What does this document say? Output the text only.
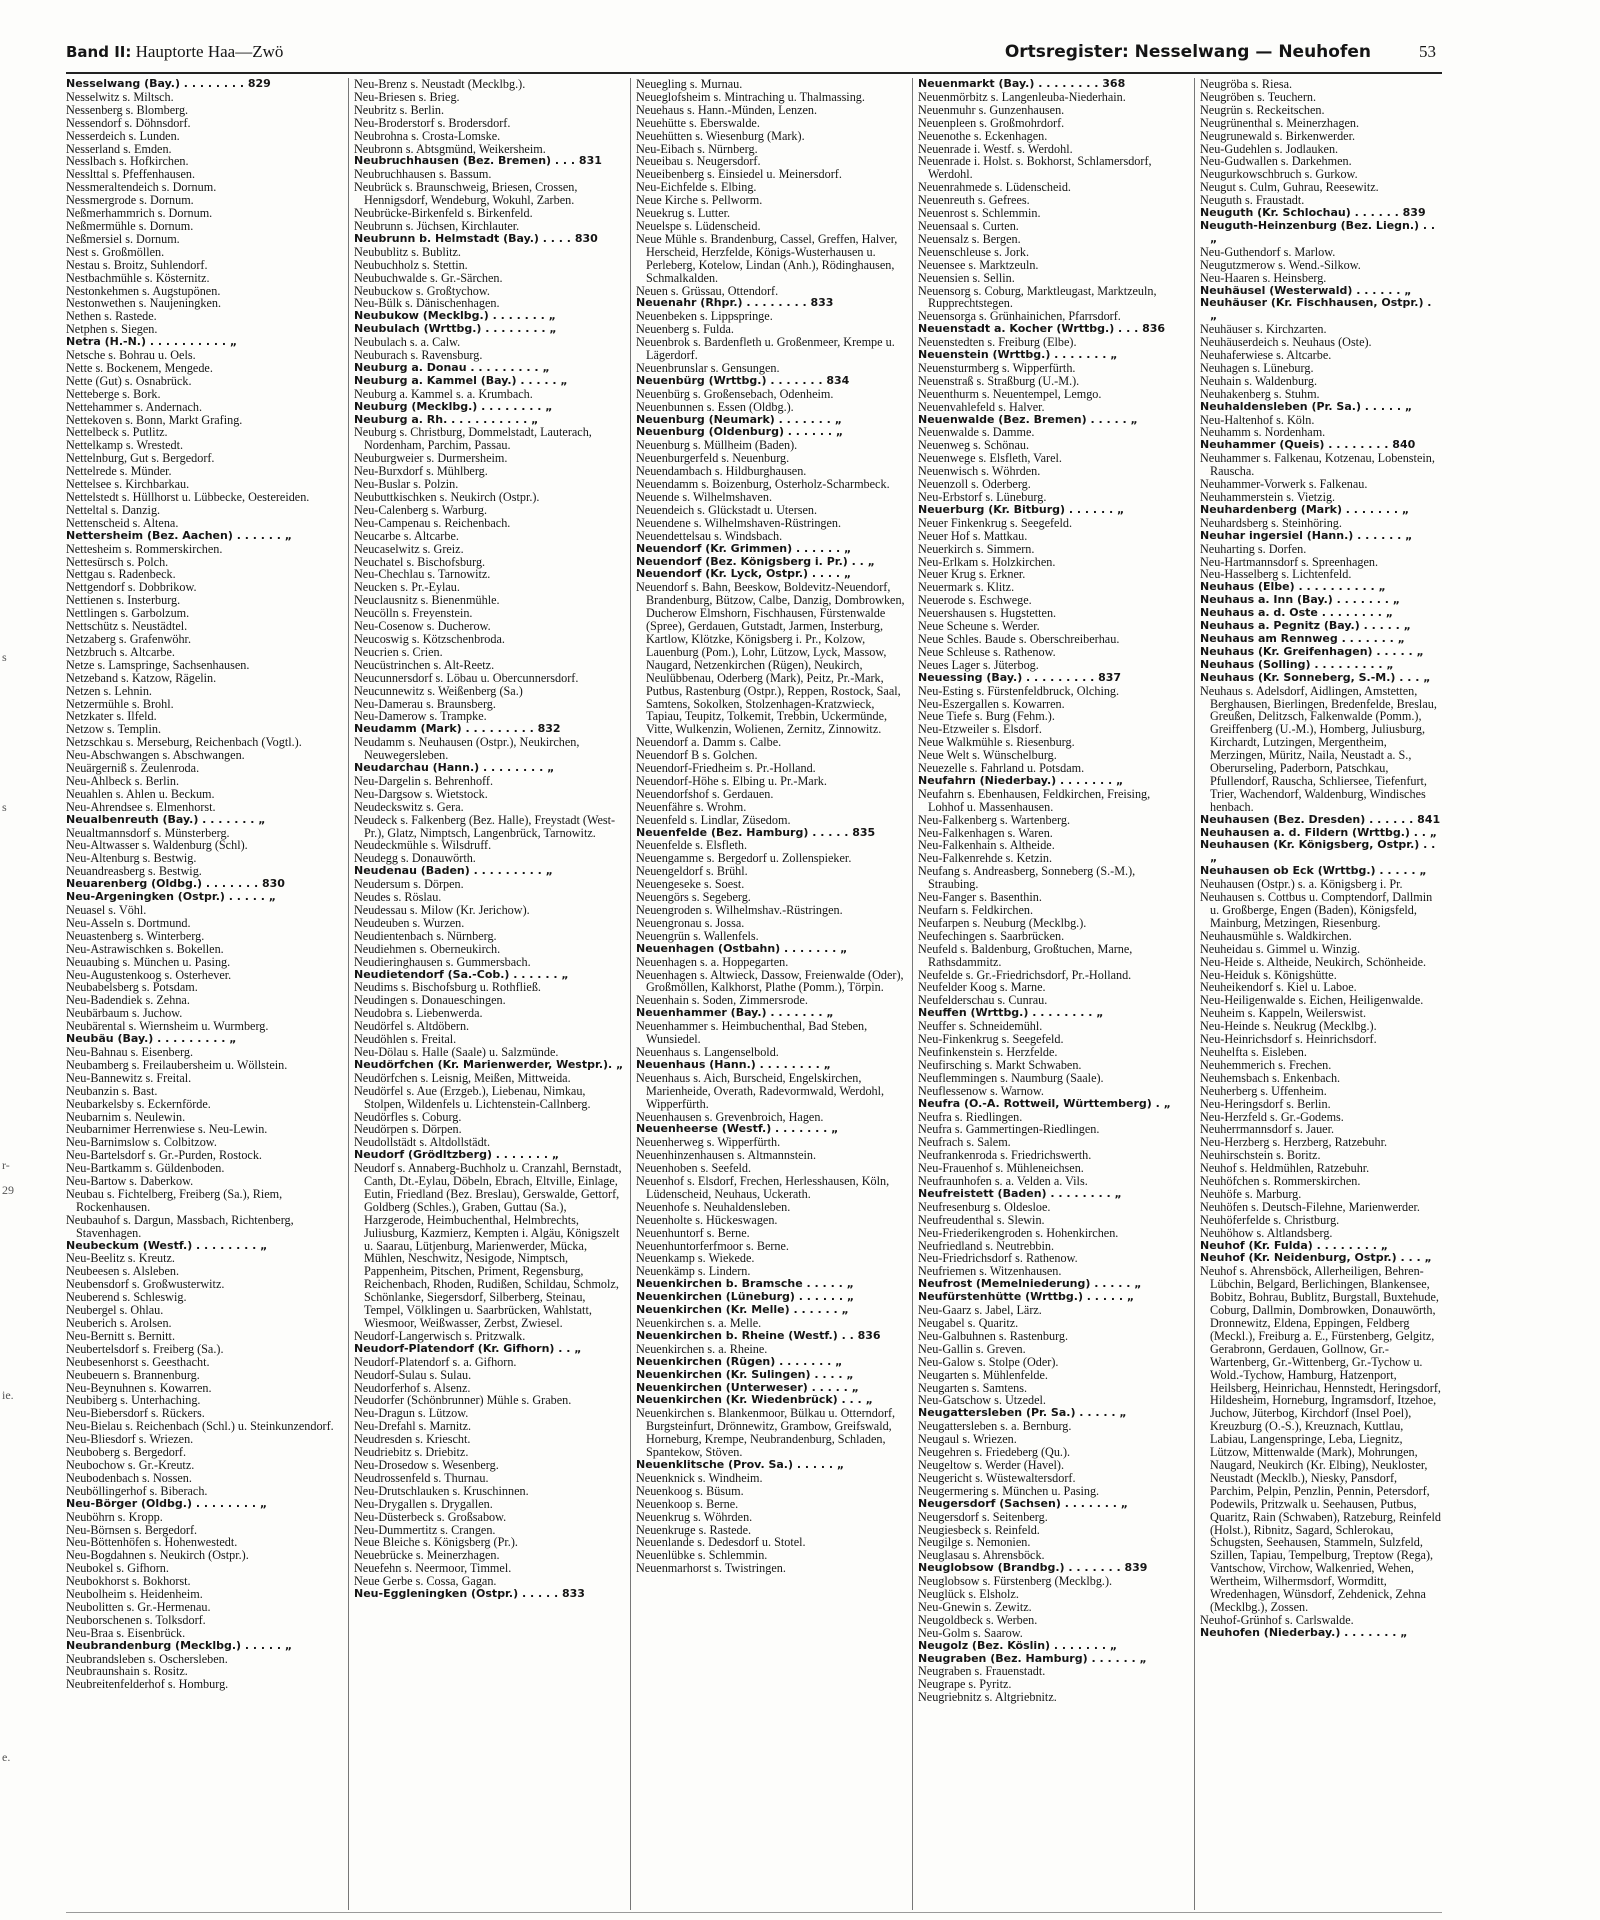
s
s
r-
29
ie.
e.
Band II: Hauptorte Haa—Zwö	Ortsregister: Nesselwang — Neuhofen	53
Nesselwang (Bay.) . . . . . . . . 829
Nesselwitz s. Miltsch.
Nessenberg s. Blomberg.
Nessendorf s. Döhnsdorf.
Nesserdeich s. Lunden.
Nesserland s. Emden.
Nesslbach s. Hofkirchen.
Nesslttal s. Pfeffenhausen.
Nessmeraltendeich s. Dornum.
Nessmergrode s. Dornum.
Neßmerhammrich s. Dornum.
Neßmermühle s. Dornum.
Neßmersiel s. Dornum.
Nest s. Großmöllen.
Nestau s. Broitz, Suhlendorf.
Nestbachmühle s. Kösternitz.
Nestonkehmen s. Augstupönen.
Nestonwethen s. Naujeningken.
Nethen s. Rastede.
Netphen s. Siegen.
Netra (H.-N.) . . . . . . . . . . „
Netsche s. Bohrau u. Oels.
Nette s. Bockenem, Mengede.
Nette (Gut) s. Osnabrück.
Netteberge s. Bork.
Nettehammer s. Andernach.
Nettekoven s. Bonn, Markt Grafing.
Nettelbeck s. Putlitz.
Nettelkamp s. Wrestedt.
Nettelnburg, Gut s. Bergedorf.
Nettelrede s. Münder.
Nettelsee s. Kirchbarkau.
Nettelstedt s. Hüllhorst u. Lübbecke, Oestereiden.
Netteltal s. Danzig.
Nettenscheid s. Altena.
Nettersheim (Bez. Aachen) . . . . . . „
Nettesheim s. Rommerskirchen.
Nettesürsch s. Polch.
Nettgau s. Radenbeck.
Nettgendorf s. Dobbrikow.
Nettienen s. Insterburg.
Nettlingen s. Garbolzum.
Nettschütz s. Neustädtel.
Netzaberg s. Grafenwöhr.
Netzbruch s. Altcarbe.
Netze s. Lamspringe, Sachsenhausen.
Netzeband s. Katzow, Rägelin.
Netzen s. Lehnin.
Netzermühle s. Brohl.
Netzkater s. Ilfeld.
Netzow s. Templin.
Netzschkau s. Merseburg, Reichenbach (Vogtl.).
Neu-Abschwangen s. Abschwangen.
Neuärgerniß s. Zeulenroda.
Neu-Ahlbeck s. Berlin.
Neuahlen s. Ahlen u. Beckum.
Neu-Ahrendsee s. Elmenhorst.
Neualbenreuth (Bay.) . . . . . . . „
Neualtmannsdorf s. Münsterberg.
Neu-Altwasser s. Waldenburg (Schl).
Neu-Altenburg s. Bestwig.
Neuandreasberg s. Bestwig.
Neuarenberg (Oldbg.) . . . . . . . 830
Neu-Argeningken (Ostpr.) . . . . . „
Neuasel s. Vöhl.
Neu-Asseln s. Dortmund.
Neuastenberg s. Winterberg.
Neu-Astrawischken s. Bokellen.
Neuaubing s. München u. Pasing.
Neu-Augustenkoog s. Osterhever.
Neubabelsberg s. Potsdam.
Neu-Badendiek s. Zehna.
Neubärbaum s. Juchow.
Neubärental s. Wiernsheim u. Wurmberg.
Neubäu (Bay.) . . . . . . . . . „
Neu-Bahnau s. Eisenberg.
Neubamberg s. Freilaubersheim u. Wöllstein.
Neu-Bannewitz s. Freital.
Neubanzin s. Bast.
Neubarkelsby s. Eckernförde.
Neubarnim s. Neulewin.
Neubarnimer Herrenwiese s. Neu-Lewin.
Neu-Barnimslow s. Colbitzow.
Neu-Bartelsdorf s. Gr.-Purden, Rostock.
Neu-Bartkamm s. Güldenboden.
Neu-Bartow s. Daberkow.
Neubau s. Fichtelberg, Freiberg (Sa.), Riem, Rockenhausen.
Neubauhof s. Dargun, Massbach, Richtenberg, Stavenhagen.
Neubeckum (Westf.) . . . . . . . . „
Neu-Beelitz s. Kreutz.
Neubeesen s. Alsleben.
Neubensdorf s. Großwusterwitz.
Neuberend s. Schleswig.
Neubergel s. Ohlau.
Neuberich s. Arolsen.
Neu-Bernitt s. Bernitt.
Neubertelsdorf s. Freiberg (Sa.).
Neubesenhorst s. Geesthacht.
Neubeuern s. Brannenburg.
Neu-Beynuhnen s. Kowarren.
Neubiberg s. Unterhaching.
Neu-Biebersdorf s. Rückers.
Neu-Bielau s. Reichenbach (Schl.) u. Steinkunzendorf.
Neu-Bliesdorf s. Wriezen.
Neuboberg s. Bergedorf.
Neubochow s. Gr.-Kreutz.
Neubodenbach s. Nossen.
Neuböllingerhof s. Biberach.
Neu-Börger (Oldbg.) . . . . . . . . „
Neuböhrn s. Kropp.
Neu-Börnsen s. Bergedorf.
Neu-Böttenhöfen s. Hohenwestedt.
Neu-Bogdahnen s. Neukirch (Ostpr.).
Neubokel s. Gifhorn.
Neubokhorst s. Bokhorst.
Neubolheim s. Heidenheim.
Neubolitten s. Gr.-Hermenau.
Neuborschenen s. Tolksdorf.
Neu-Braa s. Eisenbrück.
Neubrandenburg (Mecklbg.) . . . . . „
Neubrandsleben s. Oschersleben.
Neubraunshain s. Rositz.
Neubreitenfelderhof s. Homburg.
Neu-Brenz s. Neustadt (Mecklbg.).
Neu-Briesen s. Brieg.
Neubritz s. Berlin.
Neu-Broderstorf s. Brodersdorf.
Neubrohna s. Crosta-Lomske.
Neubronn s. Abtsgmünd, Weikersheim.
Neubruchhausen (Bez. Bremen) . . . 831
Neubruchhausen s. Bassum.
Neubrück s. Braunschweig, Briesen, Crossen, Hennigsdorf, Wendeburg, Wokuhl, Zarben.
Neubrücke-Birkenfeld s. Birkenfeld.
Neubrunn s. Jüchsen, Kirchlauter.
Neubrunn b. Helmstadt (Bay.) . . . . 830
Neubublitz s. Bublitz.
Neubuchholz s. Stettin.
Neubuchwalde s. Gr.-Särchen.
Neubuckow s. Großtychow.
Neu-Bülk s. Dänischenhagen.
Neubukow (Mecklbg.) . . . . . . . „
Neubulach (Wrttbg.) . . . . . . . . „
Neubulach s. a. Calw.
Neuburach s. Ravensburg.
Neuburg a. Donau . . . . . . . . . „
Neuburg a. Kammel (Bay.) . . . . . „
Neuburg a. Kammel s. a. Krumbach.
Neuburg (Mecklbg.) . . . . . . . . „
Neuburg a. Rh. . . . . . . . . . . „
Neuburg s. Christburg, Dommelstadt, Lauterach, Nordenham, Parchim, Passau.
Neuburgweier s. Durmersheim.
Neu-Burxdorf s. Mühlberg.
Neu-Buslar s. Polzin.
Neubuttkischken s. Neukirch (Ostpr.).
Neu-Calenberg s. Warburg.
Neu-Campenau s. Reichenbach.
Neucarbe s. Altcarbe.
Neucaselwitz s. Greiz.
Neuchatel s. Bischofsburg.
Neu-Chechlau s. Tarnowitz.
Neucken s. Pr.-Eylau.
Neuclausnitz s. Bienenmühle.
Neucölln s. Freyenstein.
Neu-Cosenow s. Ducherow.
Neucoswig s. Kötzschenbroda.
Neucrien s. Crien.
Neucüstrinchen s. Alt-Reetz.
Neucunnersdorf s. Löbau u. Obercunnersdorf.
Neucunnewitz s. Weißenberg (Sa.)
Neu-Damerau s. Braunsberg.
Neu-Damerow s. Trampke.
Neudamm (Mark) . . . . . . . . . 832
Neudamm s. Neuhausen (Ostpr.), Neukirchen, Neuwegersleben.
Neudarchau (Hann.) . . . . . . . . „
Neu-Dargelin s. Behrenhoff.
Neu-Dargsow s. Wietstock.
Neudeckswitz s. Gera.
Neudeck s. Falkenberg (Bez. Halle), Freystadt (West-Pr.), Glatz, Nimptsch, Langenbrück, Tarnowitz.
Neudeckmühle s. Wilsdruff.
Neudegg s. Donauwörth.
Neudenau (Baden) . . . . . . . . . „
Neudersum s. Dörpen.
Neudes s. Röslau.
Neudessau s. Milow (Kr. Jerichow).
Neudeuben s. Wurzen.
Neudientenbach s. Nürnberg.
Neudiehmen s. Oberneukirch.
Neudieringhausen s. Gummersbach.
Neudietendorf (Sa.-Cob.) . . . . . . „
Neudims s. Bischofsburg u. Rothfließ.
Neudingen s. Donaueschingen.
Neudobra s. Liebenwerda.
Neudörfel s. Altdöbern.
Neudöhlen s. Freital.
Neu-Dölau s. Halle (Saale) u. Salzmünde.
Neudörfchen (Kr. Marienwerder, Westpr.). „
Neudörfchen s. Leisnig, Meißen, Mittweida.
Neudörfel s. Aue (Erzgeb.), Liebenau, Nimkau, Stolpen, Wildenfels u. Lichtenstein-Callnberg.
Neudörfles s. Coburg.
Neudörpen s. Dörpen.
Neudollstädt s. Altdollstädt.
Neudorf (Grödltzberg) . . . . . . . „
Neudorf s. Annaberg-Buchholz u. Cranzahl, Bernstadt, Canth, Dt.-Eylau, Döbeln, Ebrach, Eltville, Einlage, Eutin, Friedland (Bez. Breslau), Gerswalde, Gettorf, Goldberg (Schles.), Graben, Guttau (Sa.), Harzgerode, Heimbuchenthal, Helmbrechts, Juliusburg, Kazmierz, Kempten i. Algäu, Königszelt u. Saarau, Lütjenburg, Marienwerder, Mücka, Mühlen, Neschwitz, Nesigode, Nimptsch, Pappenheim, Pitschen, Priment, Regensburg, Reichenbach, Rhoden, Rudißen, Schildau, Schmolz, Schönlanke, Siegersdorf, Silberberg, Steinau, Tempel, Völklingen u. Saarbrücken, Wahlstatt, Wiesmoor, Weißwasser, Zerbst, Zwiesel.
Neudorf-Langerwisch s. Pritzwalk.
Neudorf-Platendorf (Kr. Gifhorn) . . „
Neudorf-Platendorf s. a. Gifhorn.
Neudorf-Sulau s. Sulau.
Neudorferhof s. Alsenz.
Neudorfer (Schönbrunner) Mühle s. Graben.
Neu-Dragun s. Lützow.
Neu-Drefahl s. Marnitz.
Neudresden s. Kriescht.
Neudriebitz s. Driebitz.
Neu-Drosedow s. Wesenberg.
Neudrossenfeld s. Thurnau.
Neu-Drutschlauken s. Kruschinnen.
Neu-Drygallen s. Drygallen.
Neu-Düsterbeck s. Großsabow.
Neu-Dummertitz s. Crangen.
Neue Bleiche s. Königsberg (Pr.).
Neuebrücke s. Meinerzhagen.
Neuefehn s. Neermoor, Timmel.
Neue Gerbe s. Cossa, Gagan.
Neu-Eggleningken (Ostpr.) . . . . . 833
Neuegling s. Murnau.
Neueglofsheim s. Mintraching u. Thalmassing.
Neuehaus s. Hann.-Münden, Lenzen.
Neuehütte s. Eberswalde.
Neuehütten s. Wiesenburg (Mark).
Neu-Eibach s. Nürnberg.
Neueibau s. Neugersdorf.
Neueibenberg s. Einsiedel u. Meinersdorf.
Neu-Eichfelde s. Elbing.
Neue Kirche s. Pellworm.
Neuekrug s. Lutter.
Neuelspe s. Lüdenscheid.
Neue Mühle s. Brandenburg, Cassel, Greffen, Halver, Herscheid, Herzfelde, Königs-Wusterhausen u. Perleberg, Kotelow, Lindan (Anh.), Rödinghausen, Schmalkalden.
Neuen s. Grüssau, Ottendorf.
Neuenahr (Rhpr.) . . . . . . . . 833
Neuenbeken s. Lippspringe.
Neuenberg s. Fulda.
Neuenbrok s. Bardenfleth u. Großenmeer, Krempe u. Lägerdorf.
Neuenbrunslar s. Gensungen.
Neuenbürg (Wrttbg.) . . . . . . . 834
Neuenbürg s. Großensebach, Odenheim.
Neuenbunnen s. Essen (Oldbg.).
Neuenburg (Neumark) . . . . . . . „
Neuenburg (Oldenburg) . . . . . . „
Neuenburg s. Müllheim (Baden).
Neuenburgerfeld s. Neuenburg.
Neuendambach s. Hildburghausen.
Neuendamm s. Boizenburg, Osterholz-Scharmbeck.
Neuende s. Wilhelmshaven.
Neuendeich s. Glückstadt u. Utersen.
Neuendene s. Wilhelmshaven-Rüstringen.
Neuendettelsau s. Windsbach.
Neuendorf (Kr. Grimmen) . . . . . . „
Neuendorf (Bez. Königsberg i. Pr.) . . „
Neuendorf (Kr. Lyck, Ostpr.) . . . . „
Neuendorf s. Bahn, Beeskow, Boldevitz-Neuendorf, Brandenburg, Bützow, Calbe, Danzig, Dombrowken, Ducherow Elmshorn, Fischhausen, Fürstenwalde (Spree), Gerdauen, Gutstadt, Jarmen, Insterburg, Kartlow, Klötzke, Königsberg i. Pr., Kolzow, Lauenburg (Pom.), Lohr, Lützow, Lyck, Massow, Naugard, Netzenkirchen (Rügen), Neukirch, Neulübbenau, Oderberg (Mark), Peitz, Pr.-Mark, Putbus, Rastenburg (Ostpr.), Reppen, Rostock, Saal, Samtens, Sokolken, Stolzenhagen-Kratzwieck, Tapiau, Teupitz, Tolkemit, Trebbin, Uckermünde, Vitte, Wulkenzin, Wolienen, Zernitz, Zinnowitz.
Neuendorf a. Damm s. Calbe.
Neuendorf B s. Golchen.
Neuendorf-Friedheim s. Pr.-Holland.
Neuendorf-Höhe s. Elbing u. Pr.-Mark.
Neuendorfshof s. Gerdauen.
Neuenfähre s. Wrohm.
Neuenfeld s. Lindlar, Züsedom.
Neuenfelde (Bez. Hamburg) . . . . . 835
Neuenfelde s. Elsfleth.
Neuengamme s. Bergedorf u. Zollenspieker.
Neuengeldorf s. Brühl.
Neuengeseke s. Soest.
Neuengörs s. Segeberg.
Neuengroden s. Wilhelmshav.-Rüstringen.
Neuengronau s. Jossa.
Neuengrün s. Wallenfels.
Neuenhagen (Ostbahn) . . . . . . . „
Neuenhagen s. a. Hoppegarten.
Neuenhagen s. Altwieck, Dassow, Freienwalde (Oder), Großmöllen, Kalkhorst, Plathe (Pomm.), Törpin.
Neuenhain s. Soden, Zimmersrode.
Neuenhammer (Bay.) . . . . . . . „
Neuenhammer s. Heimbuchenthal, Bad Steben, Wunsiedel.
Neuenhaus s. Langenselbold.
Neuenhaus (Hann.) . . . . . . . . „
Neuenhaus s. Aich, Burscheid, Engelskirchen, Marienheide, Overath, Radevormwald, Werdohl, Wipperfürth.
Neuenhausen s. Grevenbroich, Hagen.
Neuenheerse (Westf.) . . . . . . . „
Neuenherweg s. Wipperfürth.
Neuenhinzenhausen s. Altmannstein.
Neuenhoben s. Seefeld.
Neuenhof s. Elsdorf, Frechen, Herlesshausen, Köln, Lüdenscheid, Neuhaus, Uckerath.
Neuenhofe s. Neuhaldensleben.
Neuenholte s. Hückeswagen.
Neuenhuntorf s. Berne.
Neuenhuntorferfmoor s. Berne.
Neuenkamp s. Wiekede.
Neuenkämp s. Lindern.
Neuenkirchen b. Bramsche . . . . . „
Neuenkirchen (Lüneburg) . . . . . . „
Neuenkirchen (Kr. Melle) . . . . . . „
Neuenkirchen s. a. Melle.
Neuenkirchen b. Rheine (Westf.) . . 836
Neuenkirchen s. a. Rheine.
Neuenkirchen (Rügen) . . . . . . . „
Neuenkirchen (Kr. Sulingen) . . . . „
Neuenkirchen (Unterweser) . . . . . „
Neuenkirchen (Kr. Wiedenbrück) . . . „
Neuenkirchen s. Blankenmoor, Bülkau u. Otterndorf, Burgsteinfurt, Drönnewitz, Grambow, Greifswald, Horneburg, Krempe, Neubrandenburg, Schladen, Spantekow, Stöven.
Neuenklitsche (Prov. Sa.) . . . . . „
Neuenknick s. Windheim.
Neuenkoog s. Büsum.
Neuenkoop s. Berne.
Neuenkrug s. Wöhrden.
Neuenkruge s. Rastede.
Neuenlande s. Dedesdorf u. Stotel.
Neuenlübke s. Schlemmin.
Neuenmarhorst s. Twistringen.
Neuenmarkt (Bay.) . . . . . . . . 368
Neuenmörbitz s. Langenleuba-Niederhain.
Neuenmuhr s. Gunzenhausen.
Neuenpleen s. Großmohrdorf.
Neuenothe s. Eckenhagen.
Neuenrade i. Westf. s. Werdohl.
Neuenrade i. Holst. s. Bokhorst, Schlamersdorf, Werdohl.
Neuenrahmede s. Lüdenscheid.
Neuenreuth s. Gefrees.
Neuenrost s. Schlemmin.
Neuensaal s. Curten.
Neuensalz s. Bergen.
Neuenschleuse s. Jork.
Neuensee s. Marktzeuln.
Neuensien s. Sellin.
Neuensorg s. Coburg, Marktleugast, Marktzeuln, Rupprechtstegen.
Neuensorga s. Grünhainichen, Pfarrsdorf.
Neuenstadt a. Kocher (Wrttbg.) . . . 836
Neuenstedten s. Freiburg (Elbe).
Neuenstein (Wrttbg.) . . . . . . . „
Neuensturmberg s. Wipperfürth.
Neuenstraß s. Straßburg (U.-M.).
Neuenthurm s. Neuentempel, Lemgo.
Neuenvahlefeld s. Halver.
Neuenwalde (Bez. Bremen) . . . . . „
Neuenwalde s. Damme.
Neuenweg s. Schönau.
Neuenwege s. Elsfleth, Varel.
Neuenwisch s. Wöhrden.
Neuenzoll s. Oderberg.
Neu-Erbstorf s. Lüneburg.
Neuerburg (Kr. Bitburg) . . . . . . „
Neuer Finkenkrug s. Seegefeld.
Neuer Hof s. Mattkau.
Neuerkirch s. Simmern.
Neu-Erlkam s. Holzkirchen.
Neuer Krug s. Erkner.
Neuermark s. Klitz.
Neuerode s. Eschwege.
Neuershausen s. Hugstetten.
Neue Scheune s. Werder.
Neue Schles. Baude s. Oberschreiberhau.
Neue Schleuse s. Rathenow.
Neues Lager s. Jüterbog.
Neuessing (Bay.) . . . . . . . . . 837
Neu-Esting s. Fürstenfeldbruck, Olching.
Neu-Eszergallen s. Kowarren.
Neue Tiefe s. Burg (Fehm.).
Neu-Etzweiler s. Elsdorf.
Neue Walkmühle s. Riesenburg.
Neue Welt s. Wünschelburg.
Neuezelle s. Fahrland u. Potsdam.
Neufahrn (Niederbay.) . . . . . . . „
Neufahrn s. Ebenhausen, Feldkirchen, Freising, Lohhof u. Massenhausen.
Neu-Falkenberg s. Wartenberg.
Neu-Falkenhagen s. Waren.
Neu-Falkenhain s. Altheide.
Neu-Falkenrehde s. Ketzin.
Neufang s. Andreasberg, Sonneberg (S.-M.), Straubing.
Neu-Fanger s. Basenthin.
Neufarn s. Feldkirchen.
Neufarpen s. Neuburg (Mecklbg.).
Neufechingen s. Saarbrücken.
Neufeld s. Baldenburg, Großtuchen, Marne, Rathsdammitz.
Neufelde s. Gr.-Friedrichsdorf, Pr.-Holland.
Neufelder Koog s. Marne.
Neufelderschau s. Cunrau.
Neuffen (Wrttbg.) . . . . . . . . „
Neuffer s. Schneidemühl.
Neu-Finkenkrug s. Seegefeld.
Neufinkenstein s. Herzfelde.
Neufirsching s. Markt Schwaben.
Neuflemmingen s. Naumburg (Saale).
Neuflessenow s. Warnow.
Neufra (O.-A. Rottweil, Württemberg) . „
Neufra s. Riedlingen.
Neufra s. Gammertingen-Riedlingen.
Neufrach s. Salem.
Neufrankenroda s. Friedrichswerth.
Neu-Frauenhof s. Mühleneichsen.
Neufraunhofen s. a. Velden a. Vils.
Neufreistett (Baden) . . . . . . . . „
Neufresenburg s. Oldesloe.
Neufreudenthal s. Slewin.
Neu-Friederikengroden s. Hohenkirchen.
Neufriedland s. Neutrebbin.
Neu-Friedrichsdorf s. Rathenow.
Neufriemen s. Witzenhausen.
Neufrost (Memelniederung) . . . . . „
Neufürstenhütte (Wrttbg.) . . . . . „
Neu-Gaarz s. Jabel, Lärz.
Neugabel s. Quaritz.
Neu-Galbuhnen s. Rastenburg.
Neu-Gallin s. Greven.
Neu-Galow s. Stolpe (Oder).
Neugarten s. Mühlenfelde.
Neugarten s. Samtens.
Neu-Gatschow s. Utzedel.
Neugattersleben (Pr. Sa.) . . . . . „
Neugattersleben s. a. Bernburg.
Neugaul s. Wriezen.
Neugehren s. Friedeberg (Qu.).
Neugeltow s. Werder (Havel).
Neugericht s. Wüstewaltersdorf.
Neugermering s. München u. Pasing.
Neugersdorf (Sachsen) . . . . . . . „
Neugersdorf s. Seitenberg.
Neugiesbeck s. Reinfeld.
Neugilge s. Nemonien.
Neuglasau s. Ahrensböck.
Neuglobsow (Brandbg.) . . . . . . . 839
Neuglobsow s. Fürstenberg (Mecklbg.).
Neuglück s. Elsholz.
Neu-Gnewin s. Zewitz.
Neugoldbeck s. Werben.
Neu-Golm s. Saarow.
Neugolz (Bez. Köslin) . . . . . . . „
Neugraben (Bez. Hamburg) . . . . . . „
Neugraben s. Frauenstadt.
Neugrape s. Pyritz.
Neugriebnitz s. Altgriebnitz.
Neugröba s. Riesa.
Neugröben s. Teuchern.
Neugrün s. Reckeitschen.
Neugrünenthal s. Meinerzhagen.
Neugrunewald s. Birkenwerder.
Neu-Gudehlen s. Jodlauken.
Neu-Gudwallen s. Darkehmen.
Neugurkowschbruch s. Gurkow.
Neugut s. Culm, Guhrau, Reesewitz.
Neuguth s. Fraustadt.
Neuguth (Kr. Schlochau) . . . . . . 839
Neuguth-Heinzenburg (Bez. Liegn.) . . „
Neu-Guthendorf s. Marlow.
Neugutzmerow s. Wend.-Silkow.
Neu-Haaren s. Heinsberg.
Neuhäusel (Westerwald) . . . . . . „
Neuhäuser (Kr. Fischhausen, Ostpr.) . „
Neuhäuser s. Kirchzarten.
Neuhäuserdeich s. Neuhaus (Oste).
Neuhaferwiese s. Altcarbe.
Neuhagen s. Lüneburg.
Neuhain s. Waldenburg.
Neuhakenberg s. Stuhm.
Neuhaldensleben (Pr. Sa.) . . . . . „
Neu-Haltenhof s. Köln.
Neuhamm s. Nordenham.
Neuhammer (Queis) . . . . . . . . 840
Neuhammer s. Falkenau, Kotzenau, Lobenstein, Rauscha.
Neuhammer-Vorwerk s. Falkenau.
Neuhammerstein s. Vietzig.
Neuhardenberg (Mark) . . . . . . . „
Neuhardsberg s. Steinhöring.
Neuhar ingersiel (Hann.) . . . . . . „
Neuharting s. Dorfen.
Neu-Hartmannsdorf s. Spreenhagen.
Neu-Hasselberg s. Lichtenfeld.
Neuhaus (Elbe) . . . . . . . . . . „
Neuhaus a. Inn (Bay.) . . . . . . . „
Neuhaus a. d. Oste . . . . . . . . „
Neuhaus a. Pegnitz (Bay.) . . . . . „
Neuhaus am Rennweg . . . . . . . „
Neuhaus (Kr. Greifenhagen) . . . . . „
Neuhaus (Solling) . . . . . . . . . „
Neuhaus (Kr. Sonneberg, S.-M.) . . . „
Neuhaus s. Adelsdorf, Aidlingen, Amstetten, Berghausen, Bierlingen, Bredenfelde, Breslau, Greußen, Delitzsch, Falkenwalde (Pomm.), Greiffenberg (U.-M.), Homberg, Juliusburg, Kirchardt, Lutzingen, Mergentheim, Merzingen, Müritz, Naila, Neustadt a. S., Oberurseling, Paderborn, Patschkau, Pfullendorf, Rauscha, Schliersee, Tiefenfurt, Trier, Wachendorf, Waldenburg, Windisches henbach.
Neuhausen (Bez. Dresden) . . . . . . 841
Neuhausen a. d. Fildern (Wrttbg.) . . „
Neuhausen (Kr. Königsberg, Ostpr.) . . „
Neuhausen ob Eck (Wrttbg.) . . . . . „
Neuhausen (Ostpr.) s. a. Königsberg i. Pr.
Neuhausen s. Cottbus u. Comptendorf, Dallmin u. Großberge, Engen (Baden), Königsfeld, Mainburg, Metzingen, Riesenburg.
Neuhausmühle s. Waldkirchen.
Neuheidau s. Gimmel u. Winzig.
Neu-Heide s. Altheide, Neukirch, Schönheide.
Neu-Heiduk s. Königshütte.
Neuheikendorf s. Kiel u. Laboe.
Neu-Heiligenwalde s. Eichen, Heiligenwalde.
Neuheim s. Kappeln, Weilerswist.
Neu-Heinde s. Neukrug (Mecklbg.).
Neu-Heinrichsdorf s. Heinrichsdorf.
Neuhelfta s. Eisleben.
Neuhemmerich s. Frechen.
Neuhemsbach s. Enkenbach.
Neuherberg s. Uffenheim.
Neu-Heringsdorf s. Berlin.
Neu-Herzfeld s. Gr.-Godems.
Neuherrmannsdorf s. Jauer.
Neu-Herzberg s. Herzberg, Ratzebuhr.
Neuhirschstein s. Boritz.
Neuhof s. Heldmühlen, Ratzebuhr.
Neuhöfchen s. Rommerskirchen.
Neuhöfe s. Marburg.
Neuhöfen s. Deutsch-Filehne, Marienwerder.
Neuhöferfelde s. Christburg.
Neuhöhow s. Altlandsberg.
Neuhof (Kr. Fulda) . . . . . . . . „
Neuhof (Kr. Neidenburg, Ostpr.) . . . „
Neuhof s. Ahrensböck, Allerheiligen, Behren-Lübchin, Belgard, Berlichingen, Blankensee, Bobitz, Bohrau, Bublitz, Burgstall, Buxtehude, Coburg, Dallmin, Dombrowken, Donauwörth, Dronnewitz, Eldena, Eppingen, Feldberg (Meckl.), Freiburg a. E., Fürstenberg, Gelgitz, Gerabronn, Gerdauen, Gollnow, Gr.-Wartenberg, Gr.-Wittenberg, Gr.-Tychow u. Wold.-Tychow, Hamburg, Hatzenport, Heilsberg, Heinrichau, Hennstedt, Heringsdorf, Hildesheim, Horneburg, Ingramsdorf, Itzehoe, Juchow, Jüterbog, Kirchdorf (Insel Poel), Kreuzburg (O.-S.), Kreuznach, Kuttlau, Labiau, Langenspringe, Leba, Liegnitz, Lützow, Mittenwalde (Mark), Mohrungen, Naugard, Neukirch (Kr. Elbing), Neukloster, Neustadt (Mecklb.), Niesky, Pansdorf, Parchim, Pelpin, Penzlin, Pennin, Petersdorf, Podewils, Pritzwalk u. Seehausen, Putbus, Quaritz, Rain (Schwaben), Ratzeburg, Reinfeld (Holst.), Ribnitz, Sagard, Schlerokau, Schugsten, Seehausen, Stammeln, Sulzfeld, Szillen, Tapiau, Tempelburg, Treptow (Rega), Vantschow, Virchow, Walkenried, Wehen, Wertheim, Wilhermsdorf, Wormditt, Wredenhagen, Wünsdorf, Zehdenick, Zehna (Mecklbg.), Zossen.
Neuhof-Grünhof s. Carlswalde.
Neuhofen (Niederbay.) . . . . . . . „
